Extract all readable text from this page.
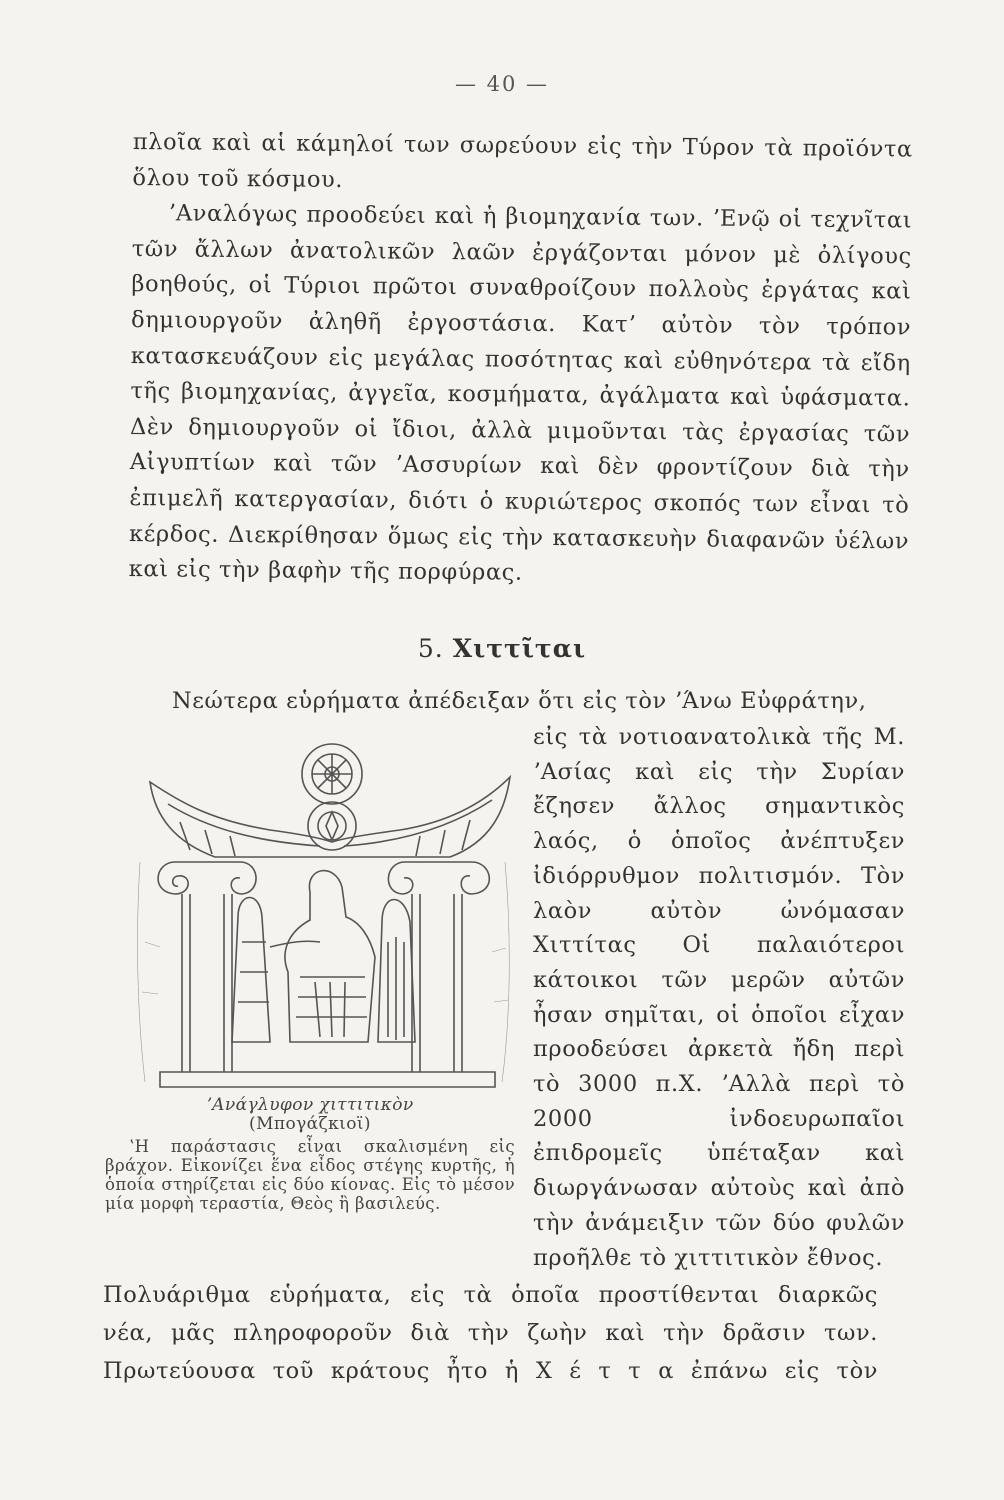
— 40 —

πλοῖα καὶ αἱ κάμηλοί των σωρεύουν εἰς τὴν Τύρον τὰ προϊόντα ὅλου τοῦ κόσμου.

ʼΑναλόγως προοδεύει καὶ ἡ βιομηχανία των. ʼΕνῷ οἱ τεχνῖται τῶν ἄλλων ἀνατολικῶν λαῶν ἐργάζονται μόνον μὲ ὀλίγους βοηθούς, οἱ Τύριοι πρῶτοι συναθροίζουν πολλοὺς ἐργάτας καὶ δημιουργοῦν ἀληθῆ ἐργοστάσια. Κατʼ αὐτὸν τὸν τρόπον κατασκευάζουν εἰς μεγάλας ποσότητας καὶ εὐθηνότερα τὰ εἴδη τῆς βιομηχανίας, ἀγγεῖα, κοσμήματα, ἀγάλματα καὶ ὑφάσματα. Δὲν δημιουργοῦν οἱ ἴδιοι, ἀλλὰ μιμοῦνται τὰς ἐργασίας τῶν Αἰγυπτίων καὶ τῶν ʼΑσσυρίων καὶ δὲν φροντίζουν διὰ τὴν ἐπιμελῆ κατεργασίαν, διότι ὁ κυριώτερος σκοπός των εἶναι τὸ κέρδος. Διεκρίθησαν ὅμως εἰς τὴν κατασκευὴν διαφανῶν ὑέλων καὶ εἰς τὴν βαφὴν τῆς πορφύρας.

5. Χιττῖται
Νεώτερα εὑρήματα ἀπέδειξαν ὅτι εἰς τὸν ʼΆνω Εὐφράτην,
εἰς τὰ νοτιοανατολικὰ τῆς Μ. ʼΑσίας καὶ εἰς τὴν Συρίαν ἔζησεν ἄλλος σημαντικὸς λαός, ὁ ὁποῖος ἀνέπτυξεν ἰδιόρρυθμον πολιτισμόν. Τὸν λαὸν αὐτὸν ὠνόμασαν Χιττίτας Οἱ παλαιότεροι κάτοικοι τῶν μερῶν αὐτῶν ἦσαν σημῖται, οἱ ὁποῖοι εἶχαν προοδεύσει ἀρκετὰ ἤδη περὶ τὸ 3000 π.Χ. ʼΑλλὰ περὶ τὸ 2000 ἰνδοευρωπαῖοι ἐπιδρομεῖς ὑπέταξαν καὶ διωργάνωσαν αὐτοὺς καὶ ἀπὸ τὴν ἀνάμειξιν τῶν δύο φυλῶν προῆλθε τὸ χιττιτικὸν ἔθνος.
ʼΑνάγλυφον χιττιτικὸν
(Μπογάζκιοϊ)
ʽΗ παράστασις εἶναι σκαλισμένη εἰς βράχον. Εἰκονίζει ἕνα εἶδος στέγης κυρτῆς, ἡ ὁποία στηρίζεται εἰς δύο κίονας. Εἰς τὸ μέσον μία μορφὴ τεραστία, Θεὸς ἢ βασιλεύς.

Πολυάριθμα εὑρήματα, εἰς τὰ ὁποῖα προστίθενται διαρκῶς

νέα, μᾶς πληροφοροῦν διὰ τὴν ζωὴν καὶ τὴν δρᾶσιν των.

Πρωτεύουσα τοῦ κράτους ἦτο ἡ Χ έ τ τ α ἐπάνω εἰς τὸν
